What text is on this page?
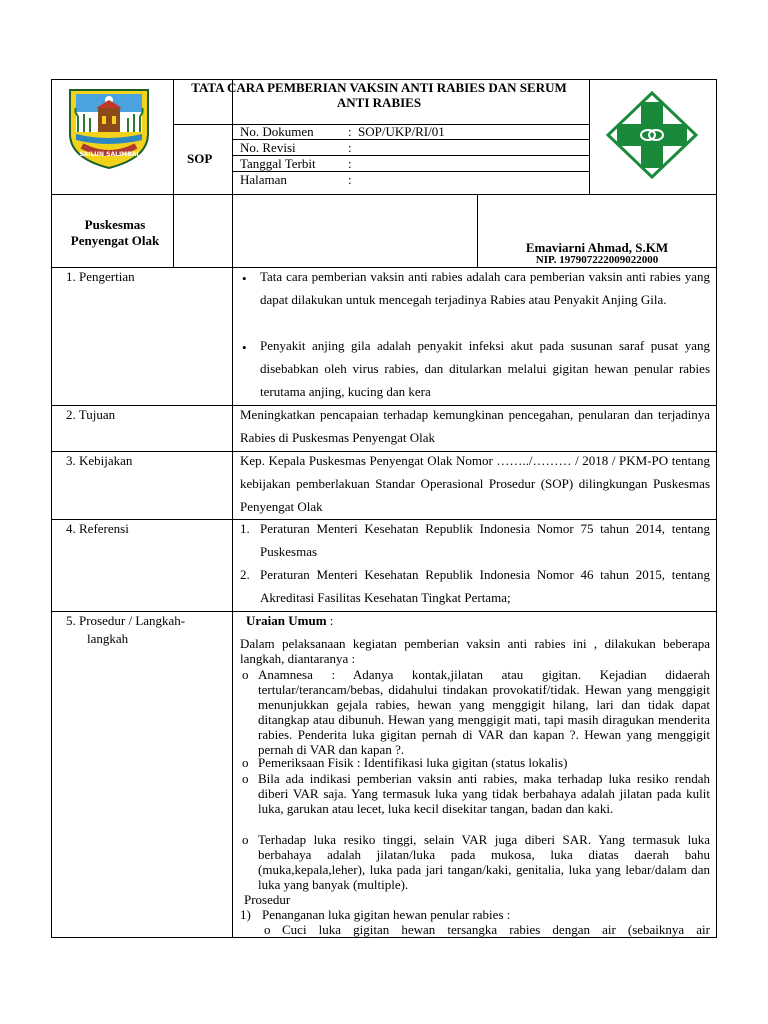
SAILUN SALIMBAI
TATA CARA PEMBERIAN VAKSIN ANTI RABIES DAN SERUM ANTI RABIES
SOP
No. Dokumen	: SOP/UKP/RI/01
No. Revisi	:
Tanggal Terbit :
Halaman	:
Puskesmas Penyengat Olak	Emaviarni Ahmad, S.KM
NIP. 197907222009022000
1. Pengertian	• Tata cara pemberian vaksin anti rabies adalah cara pemberian vaksin anti rabies yang dapat dilakukan untuk mencegah terjadinya Rabies atau Penyakit Anjing Gila.
• Penyakit anjing gila adalah penyakit infeksi akut pada susunan saraf pusat yang disebabkan oleh virus rabies, dan ditularkan melalui gigitan hewan penular rabies terutama anjing, kucing dan kera
2. Tujuan	Meningkatkan pencapaian terhadap kemungkinan pencegahan, penularan dan terjadinya Rabies di Puskesmas Penyengat Olak
3. Kebijakan	Kep. Kepala Puskesmas Penyengat Olak Nomor ……../……… / 2018 / PKM-PO tentang kebijakan pemberlakuan Standar Operasional Prosedur (SOP) dilingkungan Puskesmas Penyengat Olak
4. Referensi	1. Peraturan Menteri Kesehatan Republik Indonesia Nomor 75 tahun 2014, tentang Puskesmas
2. Peraturan Menteri Kesehatan Republik Indonesia Nomor 46 tahun 2015, tentang Akreditasi Fasilitas Kesehatan Tingkat Pertama;
5. Prosedur / Langkah-
langkah
Uraian Umum :
Dalam pelaksanaan kegiatan pemberian vaksin anti rabies ini , dilakukan beberapa langkah, diantaranya :
o Anamnesa : Adanya kontak,jilatan atau gigitan. Kejadian didaerah tertular/terancam/bebas, didahului tindakan provokatif/tidak. Hewan yang menggigit menunjukkan gejala rabies, hewan yang menggigit hilang, lari dan tidak dapat ditangkap atau dibunuh. Hewan yang menggigit mati, tapi masih diragukan menderita rabies. Penderita luka gigitan pernah di VAR dan kapan ?. Hewan yang menggigit pernah di VAR dan kapan ?.
o Pemeriksaan Fisik : Identifikasi luka gigitan (status lokalis)
o Bila ada indikasi pemberian vaksin anti rabies, maka terhadap luka resiko rendah diberi VAR saja. Yang termasuk luka yang tidak berbahaya adalah jilatan pada kulit luka, garukan atau lecet, luka kecil disekitar tangan, badan dan kaki.
o Terhadap luka resiko tinggi, selain VAR juga diberi SAR. Yang termasuk luka berbahaya adalah jilatan/luka pada mukosa, luka diatas daerah bahu (muka,kepala,leher), luka pada jari tangan/kaki, genitalia, luka yang lebar/dalam dan luka yang banyak (multiple).
Prosedur
1) Penanganan luka gigitan hewan penular rabies :
o Cuci luka gigitan hewan tersangka rabies dengan air (sebaiknya air
